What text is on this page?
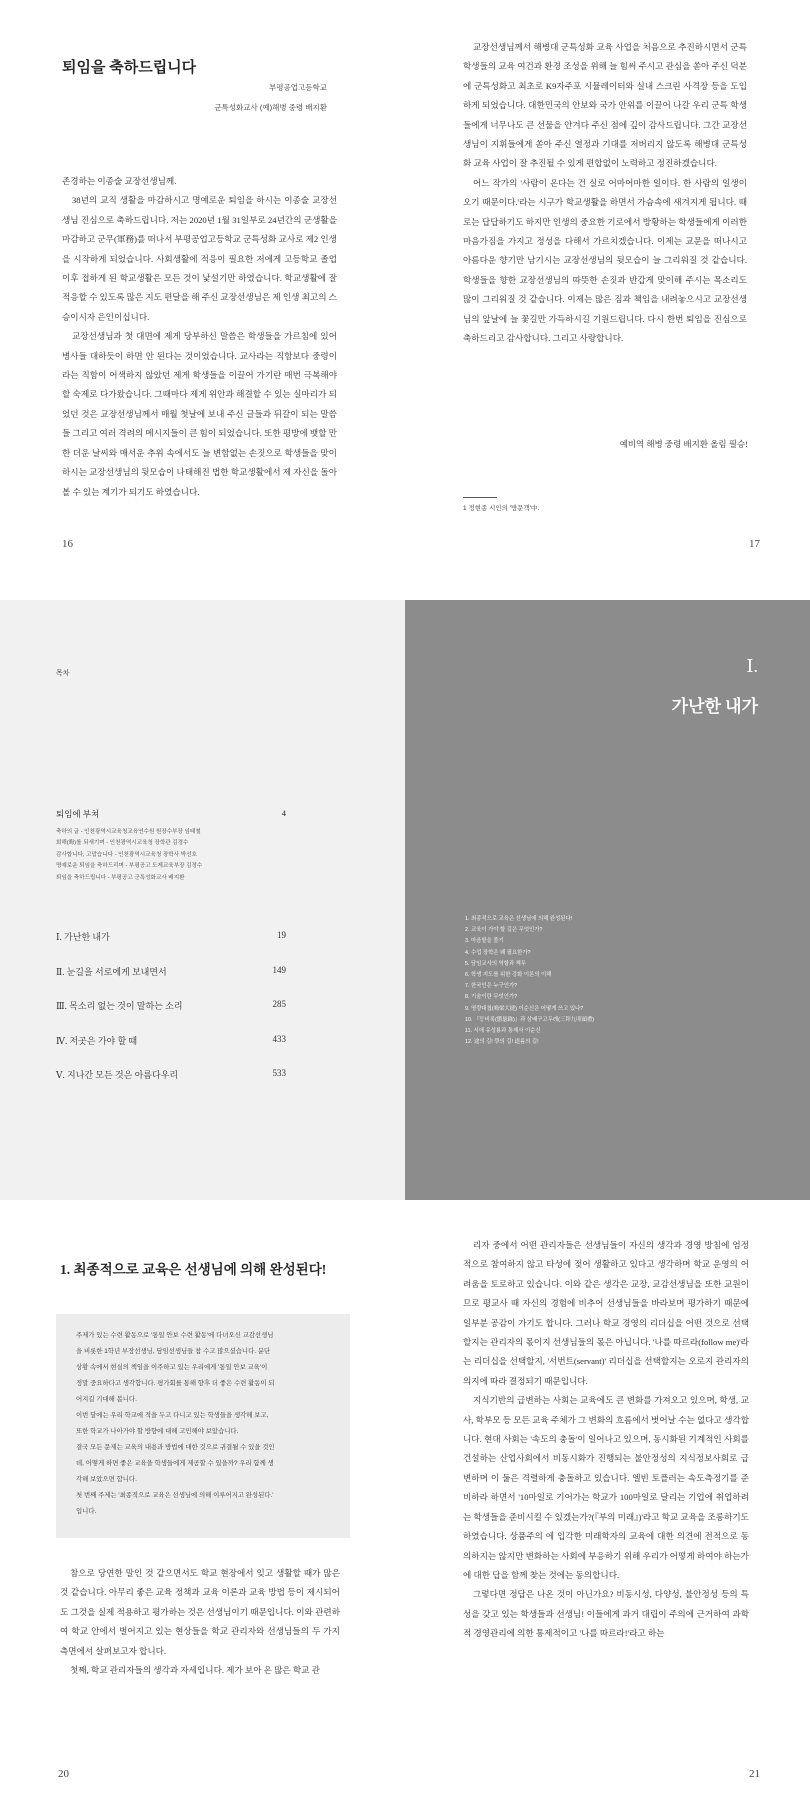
퇴임을 축하드립니다
부평공업고등학교
군특성화교사 (예)해병 중령 배지환

존경하는 이종술 교장선생님께.

38년의 교직 생활을 마감하시고 명예로운 퇴임을 하시는 이종술 교장선생님 진심으로 축하드립니다. 저는 2020년 1월 31일부로 24년간의 군생활을 마감하고 군무(軍務)를 떠나서 부평공업고등학교 군특성화 교사로 제2 인생을 시작하게 되었습니다. 사회생활에 적응이 필요한 저에게 고등학교 졸업 이후 접하게 된 학교생활은 모든 것이 낯설기만 하였습니다. 학교생활에 잘 적응할 수 있도록 많은 지도 편달을 해 주신 교장선생님은 제 인생 최고의 스승이시자 은인이십니다.

교장선생님과 첫 대면에 제게 당부하신 말씀은 학생들을 가르침에 있어 병사들 대하듯이 하면 안 된다는 것이었습니다. 교사라는 직함보다 중령이라는 직함이 어색하지 않았던 제게 학생들을 이끌어 가기란 매번 극복해야 할 숙제로 다가왔습니다. 그때마다 제게 위안과 해결할 수 있는 실마리가 되었던 것은 교장선생님께서 매월 첫날에 보내 주신 글들과 뒤갈이 되는 말씀들 그리고 여러 격려의 메시지들이 큰 힘이 되었습니다. 또한 평방에 뱃할 만한 더운 날씨와 매서운 추위 속에서도 늘 변함없는 손짓으로 학생들을 맞이하시는 교장선생님의 뒷모습이 나태해진 법한 학교생활에서 제 자신을 돌아볼 수 있는 계기가 되기도 하였습니다.

16

교장선생님께서 해병대 군특성화 교육 사업을 처음으로 추진하시면서 군특 학생들의 교육 여건과 환경 조성을 위해 늘 힘써 주시고 관심을 쏟아 주신 덕분에 군특성화고 최초로 K9자주포 시뮬레이터와 실내 스크린 사격장 등을 도입하게 되었습니다. 대한민국의 안보와 국가 안위를 이끌어 나갈 우리 군특 학생들에게 너무나도 큰 선물을 안겨다 주신 점에 깊이 감사드립니다. 그간 교장선생님이 지휘들에게 쏟아 주신 열정과 기대를 저버리지 않도록 해병대 군특성화 교육 사업이 잘 추진될 수 있게 편합없이 노력하고 정진하겠습니다.

어느 작가의 '사람이 온다는 건 실로 어마어마한 일이다. 한 사람의 일생이 오기 때문이다.'라는 시구가 학교생활을 하면서 가슴속에 새겨지게 됩니다. 때로는 답답하기도 하지만 인생의 중요한 기로에서 방황하는 학생들에게 이러한 마음가짐을 가지고 정성을 다해서 가르치겠습니다. 이제는 교문을 떠나시고 아름다운 향기만 남기시는 교장선생님의 뒷모습이 늘 그리워질 것 같습니다. 학생들을 향한 교장선생님의 따뜻한 손짓과 반갑게 맞이해 주시는 목소리도 많이 그리워질 것 같습니다. 이제는 많은 짐과 책임을 내려놓으시고 교장선생님의 앞날에 늘 꽃길만 가득하시길 기원드립니다. 다시 한번 퇴임을 진심으로 축하드리고 감사합니다. 그리고 사랑합니다.

예비역 해병 중령 배지환 올림 필승!
1 정현종 시인의 '방문객'中.
17
목차
퇴임에 부쳐	4
축하의 글 - 인천광역시교육청교육연수원 원장수부장 임태철
회해(晦)를 되새기며 - 인천광역시교육청 장학관 김경수
감사합니다, 고맙습니다 - 인천광역시교육청 장학사 박선호
명예로운 퇴임을 축하드리며 - 부평공고 도제교육부장 김정수
퇴임을 축하드립니다 - 부평공고 군특성화교사 배지환
Ⅰ. 가난한 내가	19
Ⅱ. 눈길을 서로에게 보내면서	149
Ⅲ. 목소리 없는 것이 말하는 소리	285
Ⅳ. 저곳은 가야 할 때	433
Ⅴ. 지나간 모든 것은 아름다우리	533
Ⅰ.
가난한 내가
1. 최종적으로 교육은 선생님에 의해 완성된다!
2. 교육이 가야 할 길은 무엇인가?
3. 마음밭을 풀기
4. 수업 장학은 왜 필요한가?
5. 담임교사의 역할과 책무
6. 학생 지도를 위한 강화 이론의 이해
7. 한국인은 누구인가?
8. 기술이란 무엇인가?
9. 명량대첩(鳴梁大捷) 이순신은 어떻게 쓰고 있나?
10. 『등비록(懲毖錄)』과 삼배구고두례(三拜九叩頭禮)
11. 서애 유성룡과 통제사 이순신
12. 途의 길! 學의 길! 道름의 길!
1. 최종적으로 교육은 선생님에 의해 완성된다!

주제가 있는 수련 활동으로 '통일 안보 수련 활동'에 다녀오신 교감선생님

을 비롯한 1학년 부장선생님, 담임선생님들 참 수고 많으셨습니다. 분단

상황 속에서 현실의 책임을 이주하고 있는 우리에게 '통일 안보 교육'이

정말 중요하다고 생각합니다. 평가회를 통해 향후 더 좋은 수련 활동이 되

어지길 기대해 봅니다.

이번 달에는 우리 학교에 적을 두고 다니고 있는 학생들을 생각해 보고,

또한 학교가 나아가야 할 방향에 대해 고민해야 보았습니다.

결국 모든 문제는 교육의 내용과 방법에 대한 것으로 귀결될 수 있을 것인

데, 어떻게 하면 좋은 교육을 학생들에게 제공할 수 있을까? 우리 함께 생

각해 보았으면 합니다.

첫 번째 주제는 '최종적으로 교육은 선생님에 의해 이루어지고 완성된다.'

입니다.

참으로 당연한 말인 것 같으면서도 학교 현장에서 잊고 생활할 때가 많은 것 같습니다. 아무리 좋은 교육 정책과 교육 이론과 교육 방법 등이 제시되어도 그것을 실제 적용하고 평가하는 것은 선생님이기 때문입니다. 이와 관련하여 학교 안에서 벌어지고 있는 현상들을 학교 관리자와 선생님들의 두 가지 측면에서 살펴보고자 합니다.

첫째, 학교 관리자들의 생각과 자세입니다. 제가 보아 온 많은 학교 관

20

리자 중에서 어떤 관리자들은 선생님들이 자신의 생각과 경영 방침에 엄정적으로 참여하지 않고 타성에 젖어 생활하고 있다고 생각하며 학교 운영의 어려움을 토로하고 있습니다. 이와 같은 생각은 교장, 교감선생님을 또한 교원이므로 평교사 때 자신의 경험에 비추어 선생님들을 바라보며 평가하기 때문에 일부분 공감이 가기도 합니다. 그러나 학교 경영의 리더십을 어떤 것으로 선택할지는 관리자의 몫이지 선생님들의 몫은 아닙니다. '나를 따르라(follow me)'라는 리더십을 선택할지, '서번트(servant)' 리더십을 선택할지는 오로지 관리자의 의지에 따라 결정되기 때문입니다.

지식기반의 급변하는 사회는 교육에도 큰 변화를 가져오고 있으며, 학생, 교사, 학부모 등 모든 교육 주체가 그 변화의 흐름에서 벗어날 수는 없다고 생각합니다. 현대 사회는 '속도의 충돌'이 일어나고 있으며, 동시화된 기계적인 사회를 건설하는 산업사회에서 비동시화가 진행되는 불안정성의 지식정보사회로 급변하며 이 둘은 격렬하게 충돌하고 있습니다. 엘빈 토플러는 속도측정기를 준비하라 하면서 '10마일로 기어가는 학교가 100마일로 달리는 기업에 취업하려는 학생들을 준비시킬 수 있겠는가?(『부의 미래』)'라고 학교 교육을 조롱하기도 하였습니다. 상품주의 에 입각한 미래학자의 교육에 대한 의견에 전적으로 동의하지는 않지만 변화하는 사회에 부응하기 위해 우리가 어떻게 하여야 하는가에 대한 답을 함께 찾는 것에는 동의합니다.

그렇다면 정답은 나온 것이 아닌가요? 비동시성, 다양성, 불안정성 등의 특성을 갖고 있는 학생들과 선생님! 이들에게 과거 대립이 주의에 근거하여 과학적 경영관리에 의한 통제적이고 '나를 따르라!'라고 하는

21
